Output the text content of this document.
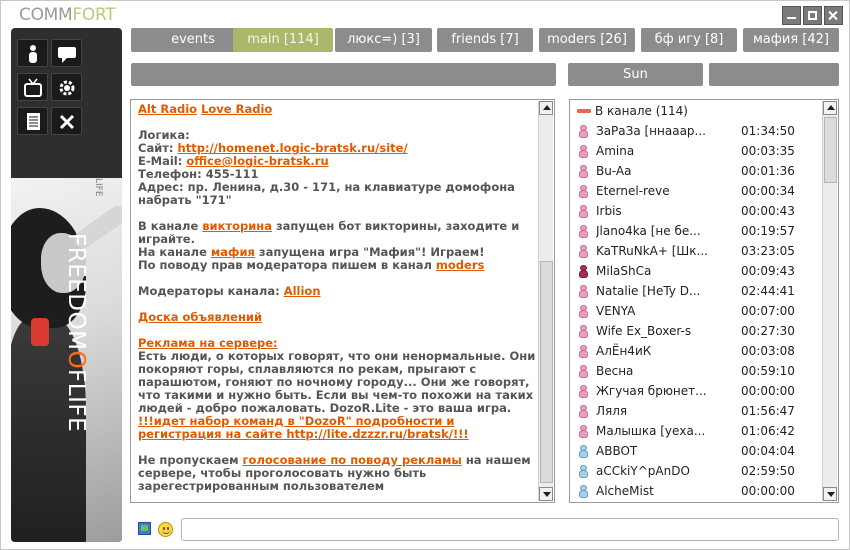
COMMFORT
LIFE
FREEDOMOFLIFE
events	main [114]	люкс=) [3]	friends [7]	moders [26]	бф игу [8]	мафия [42]
Sun

Alt Radio Love Radio

Логика:

Сайт: http://homenet.logic-bratsk.ru/site/

E-Mail: office@logic-bratsk.ru

Телефон: 455-111

Адрес: пр. Ленина, д.30 - 171, на клавиатуре домофона набрать "171"

В канале викторина запущен бот викторины, заходите и играйте.

На канале мафия запущена игра "Мафия"! Играем!

По поводу прав модератора пишем в канал moders

Модераторы канала: Allion

Доска объявлений

Реклама на сервере:

Есть люди, о которых говорят, что они ненормальные. Они покоряют горы, сплавляются по рекам, прыгают с парашютом, гоняют по ночному городу... Они же говорят, что такими и нужно быть. Если вы чем-то похожи на таких людей - добро пожаловать. DozoR.Lite - это ваша игра.

!!!идет набор команд в "DozoR" подробности и регистрация на сайте http://lite.dzzzr.ru/bratsk/!!!

Не пропускаем голосование по поводу рекламы на нашем сервере, чтобы проголосовать нужно быть зарегестрированным пользователем

В канале (114)
ЗаРаЗа [ннааар...	01:34:50
Amina	00:03:35
Bu-Aa	00:01:36
Eternel-reve	00:00:34
Irbis	00:00:43
Jlano4ka [не бе...	00:19:57
KaTRuNkA+ [Шк...	03:23:05
MilaShCa	00:09:43
Natalie [HeTy D...	02:44:41
VENYA	00:07:00
Wife Ex_Boxer-s	00:27:30
АлЁн4иК	00:03:08
Весна	00:59:10
Жгучая брюнет...	00:00:00
Ляля	01:56:47
Малышка [уеха...	01:06:42
ABBOT	00:04:04
aCCkiY^pAnDO	02:59:50
AlcheMist	00:00:00
